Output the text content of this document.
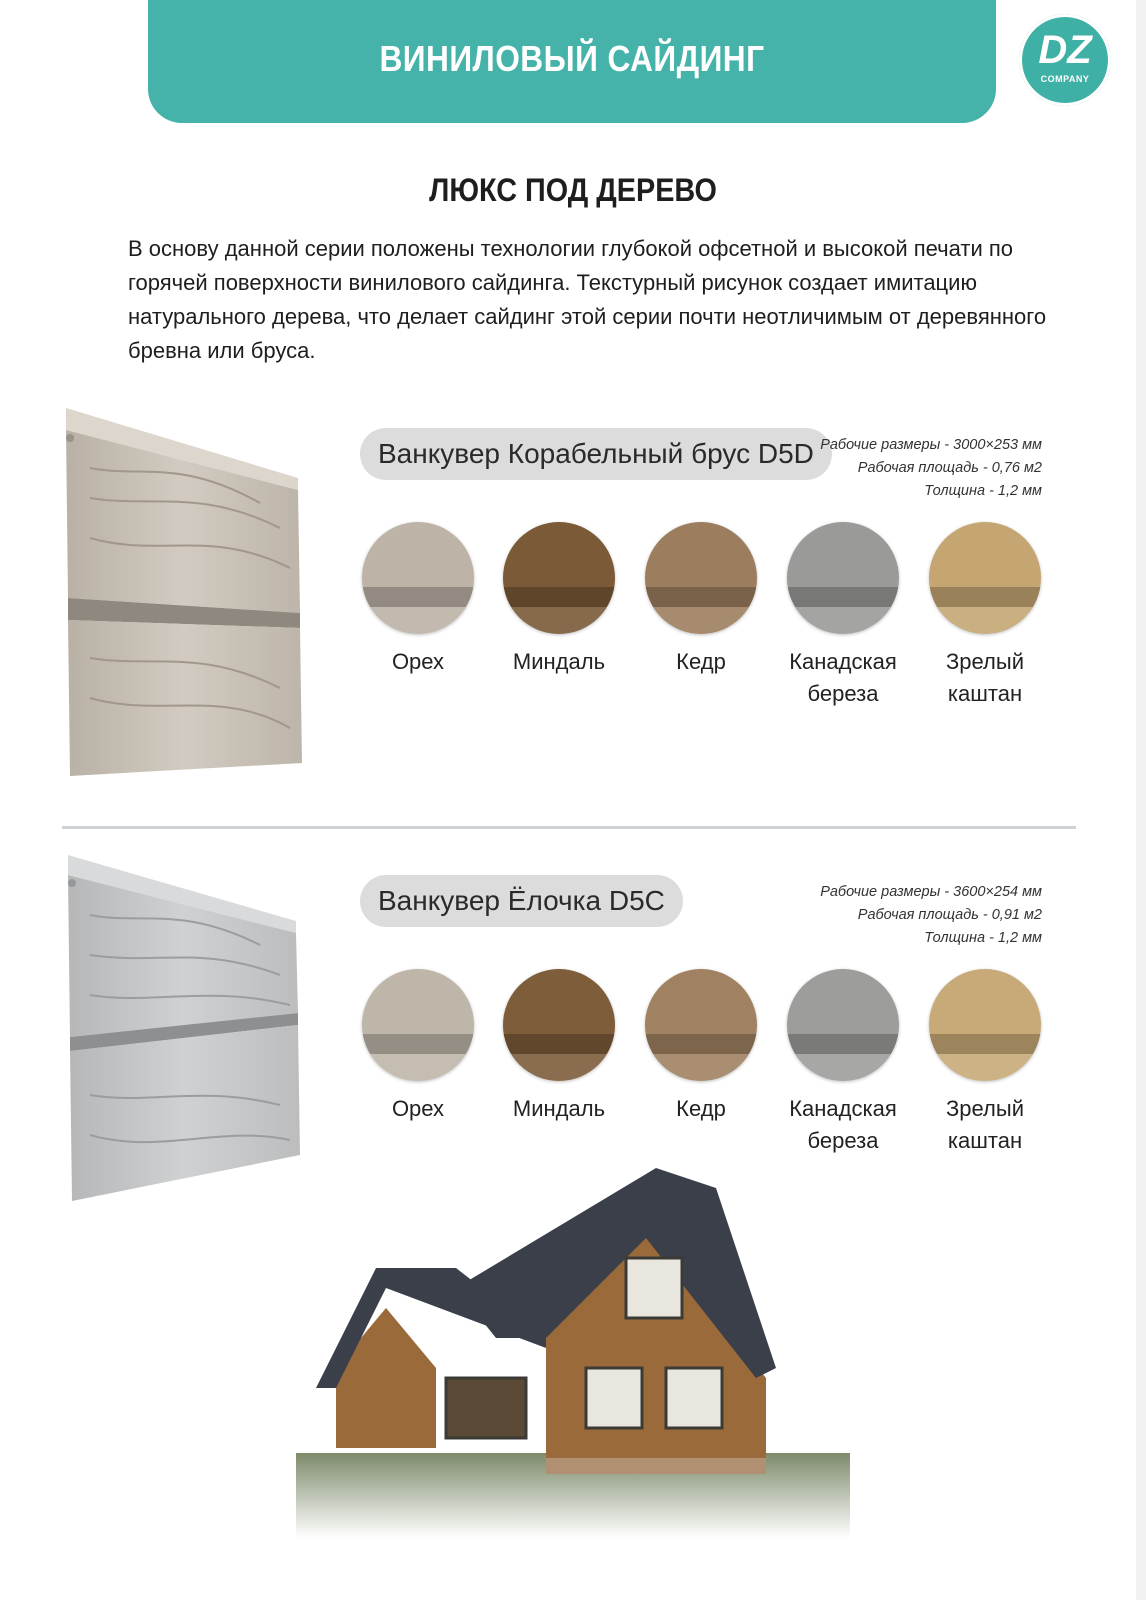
ВИНИЛОВЫЙ САЙДИНГ	DZ
COMPANY
ЛЮКС ПОД ДЕРЕВО

В основу данной серии положены технологии глубокой офсетной и высокой печати по горячей поверхности винилового сайдинга. Текстурный рисунок создает имитацию натурального дерева, что делает сайдинг этой серии почти неотличимым от деревянного бревна или бруса.

Ванкувер Корабельный брус D5D Рабочие размеры - 3000×253 мм
Рабочая площадь - 0,76 м2
Толщина - 1,2 мм
Орех	Миндаль	Кедр	Канадская
береза
Зрелый
каштан
Ванкувер Ёлочка D5C	Рабочие размеры - 3600×254 мм
Рабочая площадь - 0,91 м2
Толщина - 1,2 мм
Орех	Миндаль	Кедр	Канадская
береза
Зрелый
каштан
